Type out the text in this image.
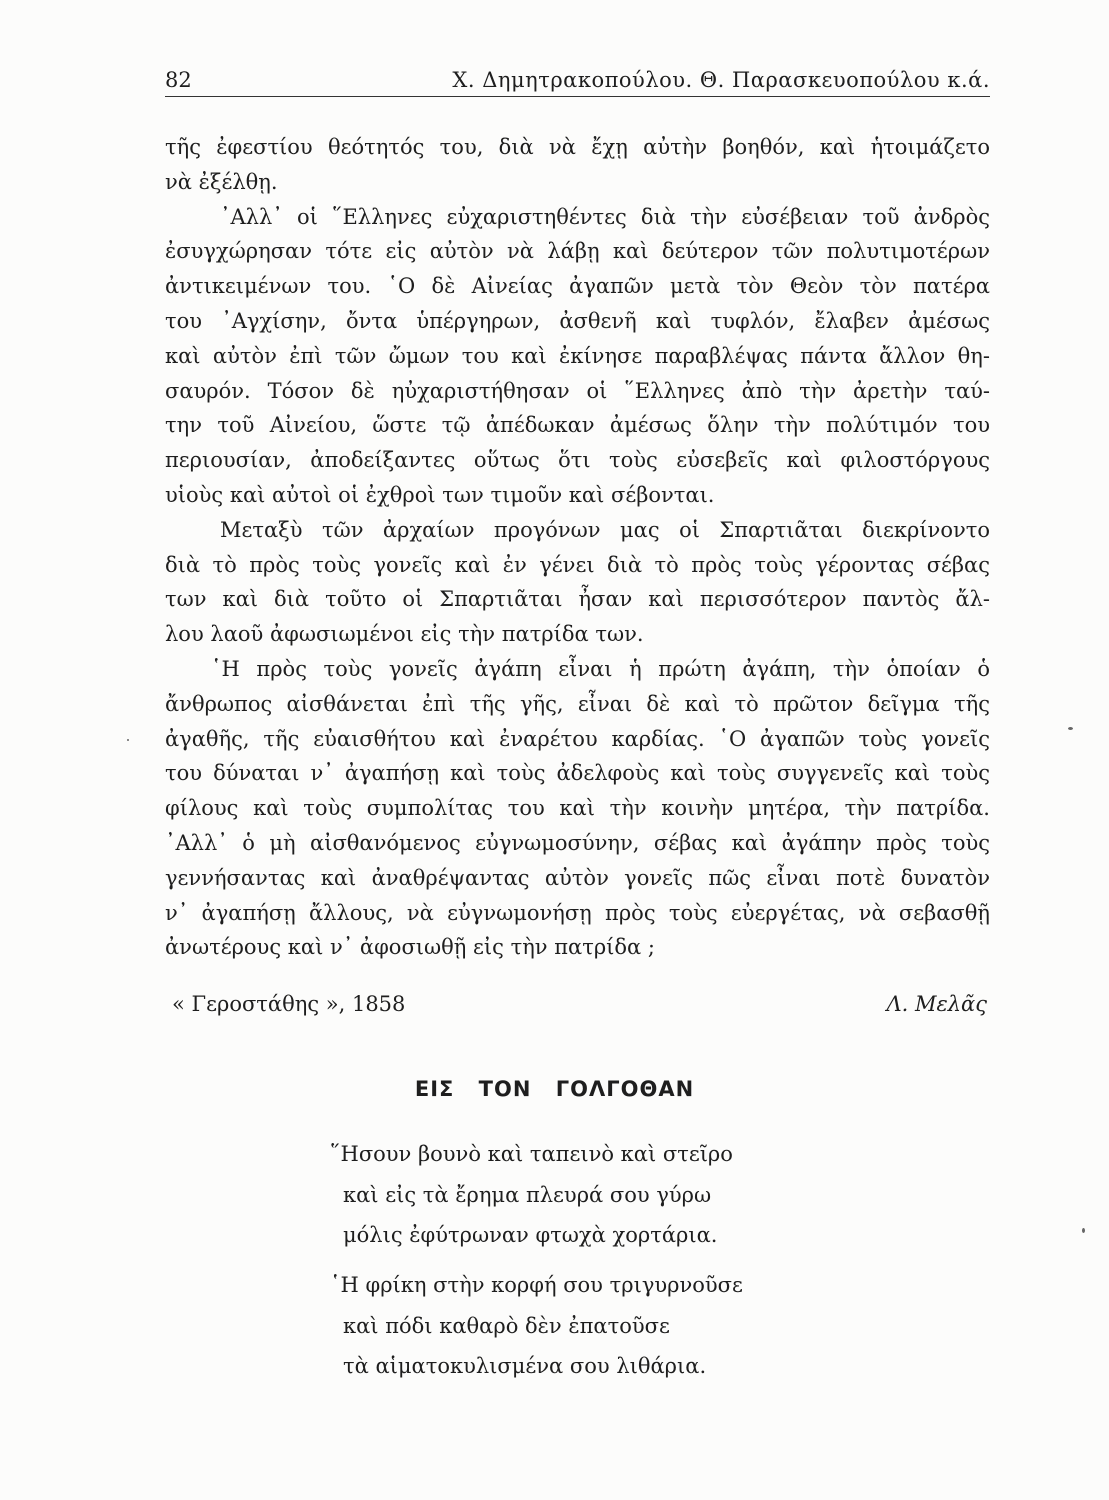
82	Χ. Δημητρακοπούλου. Θ. Παρασκευοπούλου κ.ά.
τῆς ἐφεστίου θεότητός του, διὰ νὰ ἔχῃ αὐτὴν βοηθόν, καὶ ἡτοιμάζετο
νὰ ἐξέλθῃ.
᾿Αλλ᾿ οἱ ῞Ελληνες εὐχαριστηθέντες διὰ τὴν εὐσέβειαν τοῦ ἀνδρὸς
ἐσυγχώρησαν τότε εἰς αὐτὸν νὰ λάβῃ καὶ δεύτερον τῶν πολυτιμοτέρων
ἀντικειμένων του. ῾Ο δὲ Αἰνείας ἀγαπῶν μετὰ τὸν Θεὸν τὸν πατέρα
του ᾿Αγχίσην, ὄντα ὑπέργηρων, ἀσθενῆ καὶ τυφλόν, ἔλαβεν ἀμέσως
καὶ αὐτὸν ἐπὶ τῶν ὤμων του καὶ ἐκίνησε παραβλέψας πάντα ἄλλον θη-
σαυρόν. Τόσον δὲ ηὐχαριστήθησαν οἱ ῞Ελληνες ἀπὸ τὴν ἀρετὴν ταύ-
την τοῦ Αἰνείου, ὥστε τῷ ἀπέδωκαν ἀμέσως ὅλην τὴν πολύτιμόν του
περιουσίαν, ἀποδείξαντες οὕτως ὅτι τοὺς εὐσεβεῖς καὶ φιλοστόργους
υἱοὺς καὶ αὐτοὶ οἱ ἐχθροὶ των τιμοῦν καὶ σέβονται.
Μεταξὺ τῶν ἀρχαίων προγόνων μας οἱ Σπαρτιᾶται διεκρίνοντο
διὰ τὸ πρὸς τοὺς γονεῖς καὶ ἐν γένει διὰ τὸ πρὸς τοὺς γέροντας σέβας
των καὶ διὰ τοῦτο οἱ Σπαρτιᾶται ἦσαν καὶ περισσότερον παντὸς ἄλ-
λου λαοῦ ἀφωσιωμένοι εἰς τὴν πατρίδα των.
῾Η πρὸς τοὺς γονεῖς ἀγάπη εἶναι ἡ πρώτη ἀγάπη, τὴν ὁποίαν ὁ
ἄνθρωπος αἰσθάνεται ἐπὶ τῆς γῆς, εἶναι δὲ καὶ τὸ πρῶτον δεῖγμα τῆς
ἀγαθῆς, τῆς εὐαισθήτου καὶ ἐναρέτου καρδίας. ῾Ο ἀγαπῶν τοὺς γονεῖς
του δύναται ν᾿ ἀγαπήσῃ καὶ τοὺς ἀδελφοὺς καὶ τοὺς συγγενεῖς καὶ τοὺς
φίλους καὶ τοὺς συμπολίτας του καὶ τὴν κοινὴν μητέρα, τὴν πατρίδα.
᾿Αλλ᾿ ὁ μὴ αἰσθανόμενος εὐγνωμοσύνην, σέβας καὶ ἀγάπην πρὸς τοὺς
γεννήσαντας καὶ ἀναθρέψαντας αὐτὸν γονεῖς πῶς εἶναι ποτὲ δυνατὸν
ν᾿ ἀγαπήσῃ ἄλλους, νὰ εὐγνωμονήσῃ πρὸς τοὺς εὐεργέτας, νὰ σεβασθῇ
ἀνωτέρους καὶ ν᾿ ἀφοσιωθῇ εἰς τὴν πατρίδα ;
« Γεροστάθης », 1858	Λ. Μελᾶς
ΕΙΣ ΤΟΝ ΓΟΛΓΟΘΑΝ
῞Ησουν βουνὸ καὶ ταπεινὸ καὶ στεῖρο
καὶ εἰς τὰ ἔρημα πλευρά σου γύρω
μόλις ἐφύτρωναν φτωχὰ χορτάρια.
῾Η φρίκη στὴν κορφή σου τριγυρνοῦσε
καὶ πόδι καθαρὸ δὲν ἐπατοῦσε
τὰ αἱματοκυλισμένα σου λιθάρια.
